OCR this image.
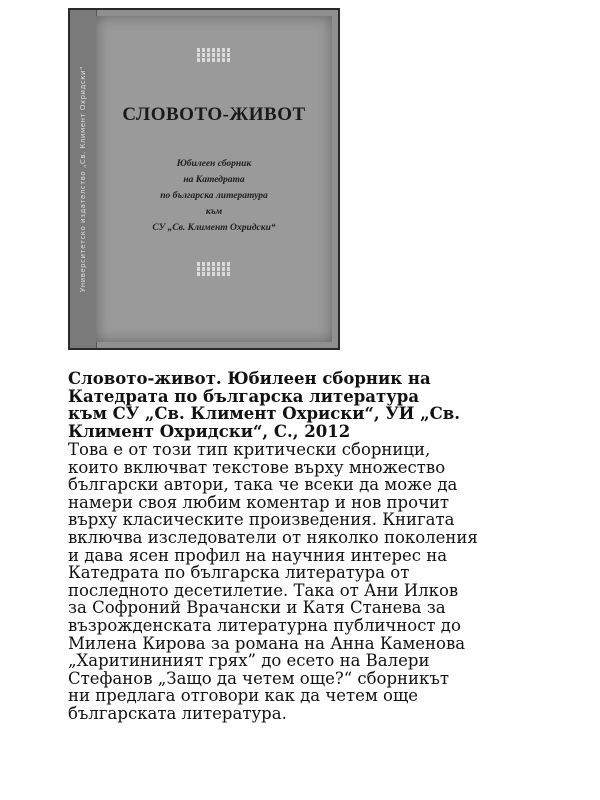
Университетско издателство „Св. Климент Охридски“	СЛОВОТО-ЖИВОТ
Юбилеен сборник
на Катедрата
по българска литература
към
СУ „Св. Климент Охридски“
Словото-живот. Юбилеен сборник на
Катедрата по българска литература
към СУ „Св. Климент Охриски“, УИ „Св.
Климент Охридски“, С., 2012
Това е от този тип критически сборници,
които включват текстове върху множество
български автори, така че всеки да може да
намери своя любим коментар и нов прочит
върху класическите произведения. Книгата
включва изследователи от няколко поколения
и дава ясен профил на научния интерес на
Катедрата по българска литература от
последното десетилетие. Така от Ани Илков
за Софроний Врачански и Катя Станева за
възрожденската литературна публичност до
Милена Кирова за романа на Анна Каменова
„Харитининият грях” до есето на Валери
Стефанов „Защо да четем още?“ сборникът
ни предлага отговори как да четем още
българската литература.
